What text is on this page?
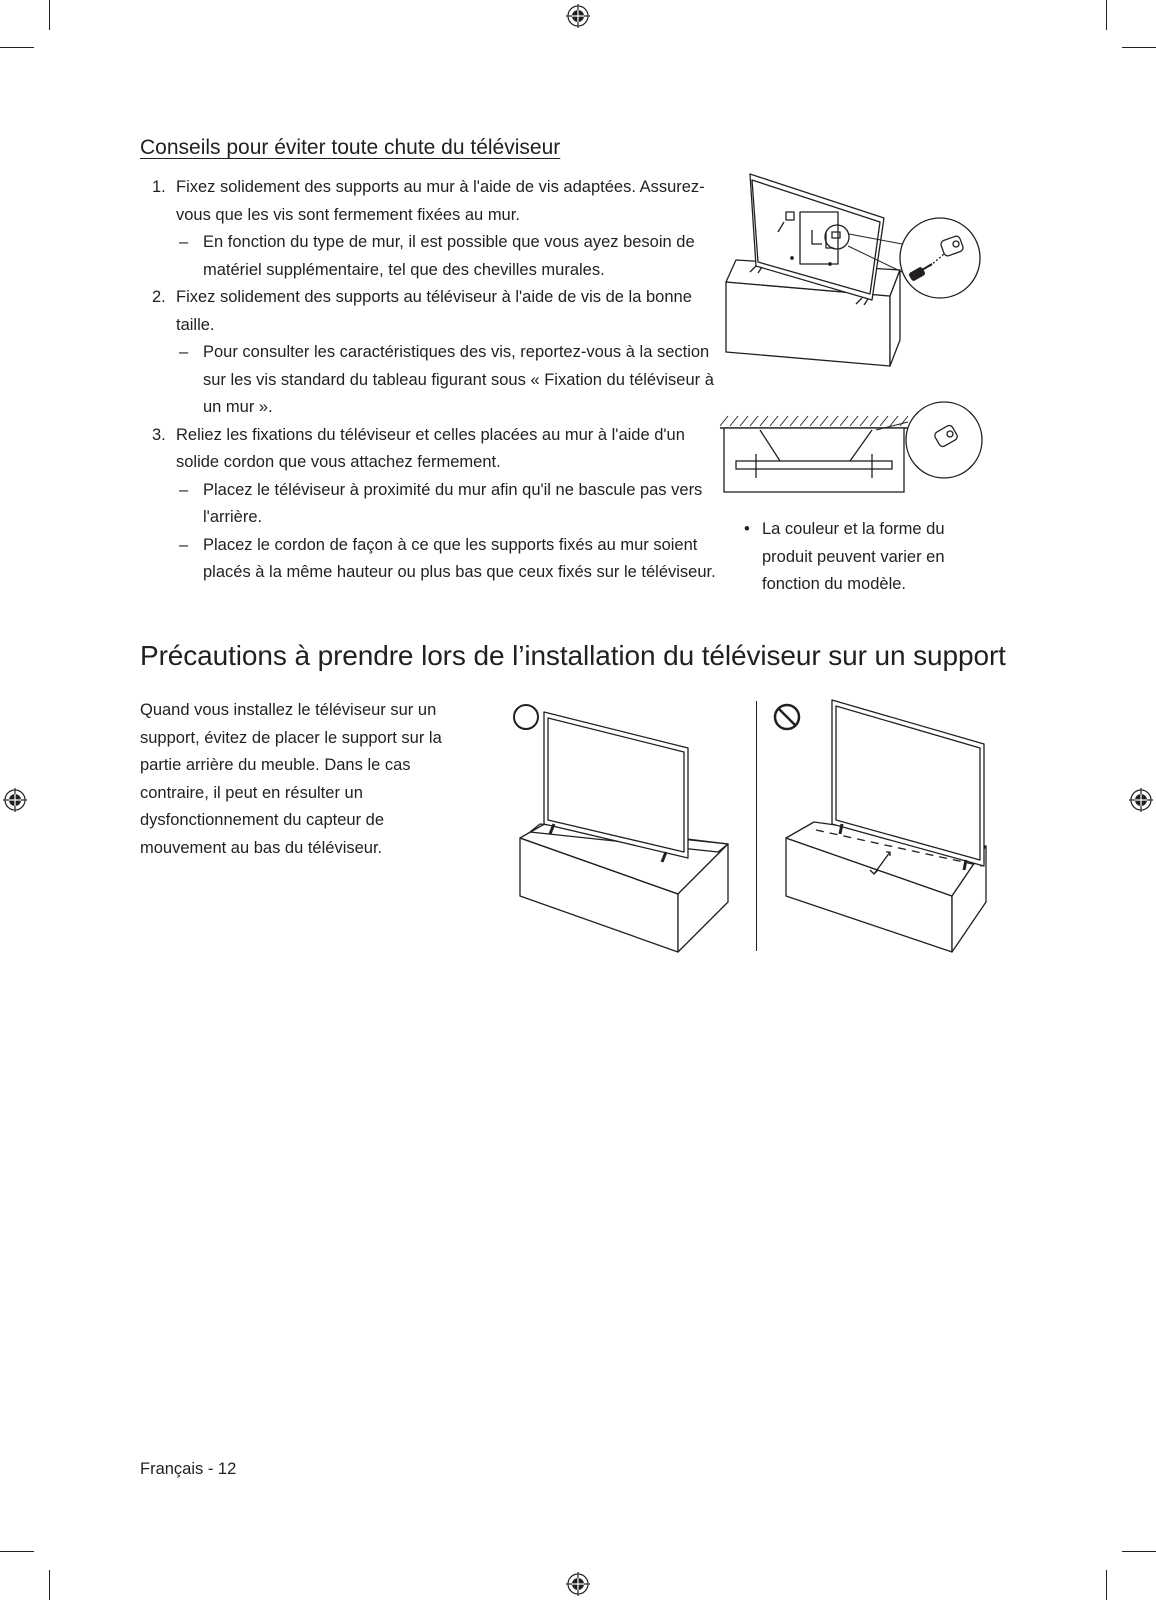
Conseils pour éviter toute chute du téléviseur
1. Fixez solidement des supports au mur à l'aide de vis adaptées. Assurez-vous que les vis sont fermement fixées au mur.
– En fonction du type de mur, il est possible que vous ayez besoin de matériel supplémentaire, tel que des chevilles murales.
2. Fixez solidement des supports au téléviseur à l'aide de vis de la bonne taille.
– Pour consulter les caractéristiques des vis, reportez-vous à la section sur les vis standard du tableau figurant sous « Fixation du téléviseur à un mur ».
3. Reliez les fixations du téléviseur et celles placées au mur à l'aide d'un solide cordon que vous attachez fermement.
– Placez le téléviseur à proximité du mur afin qu'il ne bascule pas vers l'arrière.
– Placez le cordon de façon à ce que les supports fixés au mur soient placés à la même hauteur ou plus bas que ceux fixés sur le téléviseur.
• La couleur et la forme du produit peuvent varier en fonction du modèle.
Précautions à prendre lors de l’installation du téléviseur sur un support
Quand vous installez le téléviseur sur un support, évitez de placer le support sur la partie arrière du meuble. Dans le cas contraire, il peut en résulter un dysfonctionnement du capteur de mouvement au bas du téléviseur.
Français - 12
